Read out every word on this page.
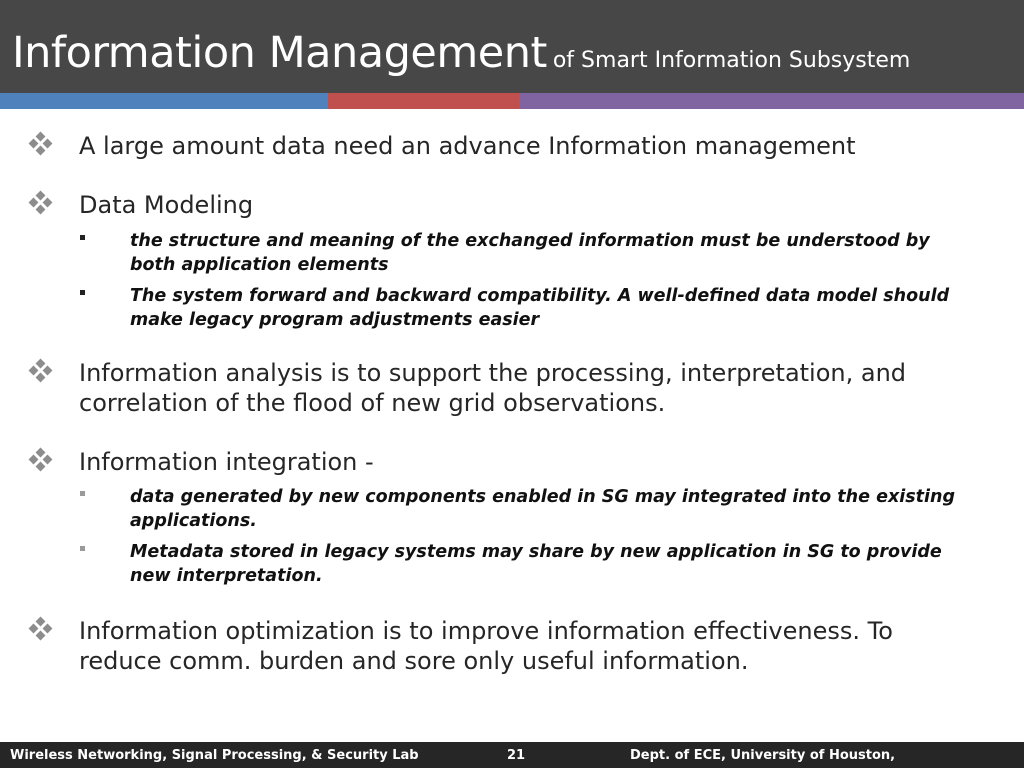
Information Management of Smart Information Subsystem
A large amount data need an advance Information management
Data Modeling
the structure and meaning of the exchanged information must be understood by both application elements
The system forward and backward compatibility. A well-defined data model should make legacy program adjustments easier
Information analysis is to support the processing, interpretation, and correlation of the flood of new grid observations.
Information integration -
data generated by new components enabled in SG may integrated into the existing applications.
Metadata stored in legacy systems may share by new application in SG to provide new interpretation.
Information optimization is to improve information effectiveness. To reduce comm. burden and sore only useful information.
Wireless Networking, Signal Processing, & Security Lab	21	Dept. of ECE, University of Houston,
